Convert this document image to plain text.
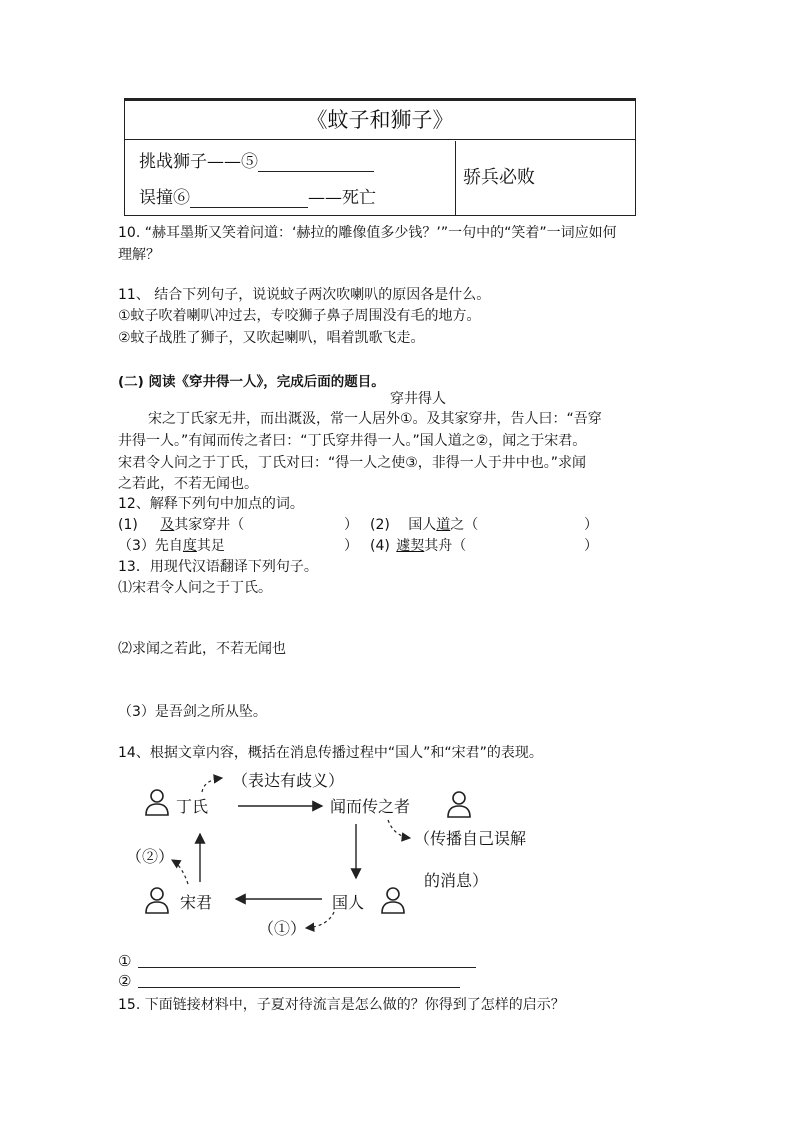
《蚊子和狮子》
挑战狮子——⑤
误撞⑥	——死亡
骄兵必败
10. “赫耳墨斯又笑着问道：‘赫拉的雕像值多少钱？’”一句中的“笑着”一词应如何
理解？
11、 结合下列句子，说说蚊子两次吹喇叭的原因各是什么。
①蚊子吹着喇叭冲过去，专咬狮子鼻子周围没有毛的地方。
②蚊子战胜了狮子，又吹起喇叭，唱着凯歌飞走。
(二) 阅读《穿井得一人》，完成后面的题目。
穿井得人
宋之丁氏家无井，而出溉汲，常一人居外①。及其家穿井，告人曰：“吾穿
井得一人。”有闻而传之者曰：“丁氏穿井得一人。”国人道之②，闻之于宋君。
宋君令人问之于丁氏，丁氏对曰：“得一人之使③，非得一人于井中也。”求闻
之若此，不若无闻也。
12、解释下列句中加点的词。
(1) 及其家穿井（	） (2) 国人道之（	）
（3）先自度其足	） (4) 遽契其舟（	）
13．用现代汉语翻译下列句子。
⑴宋君令人问之于丁氏。
⑵求闻之若此，不若无闻也
（3）是吾剑之所从坠。
14、根据文章内容，概括在消息传播过程中“国人”和“宋君”的表现。
丁氏	闻而传之者
宋君	国人
（表达有歧义）
（传播自己误解
的消息）
（②）
（①）
①
②
15. 下面链接材料中，子夏对待流言是怎么做的？你得到了怎样的启示？
